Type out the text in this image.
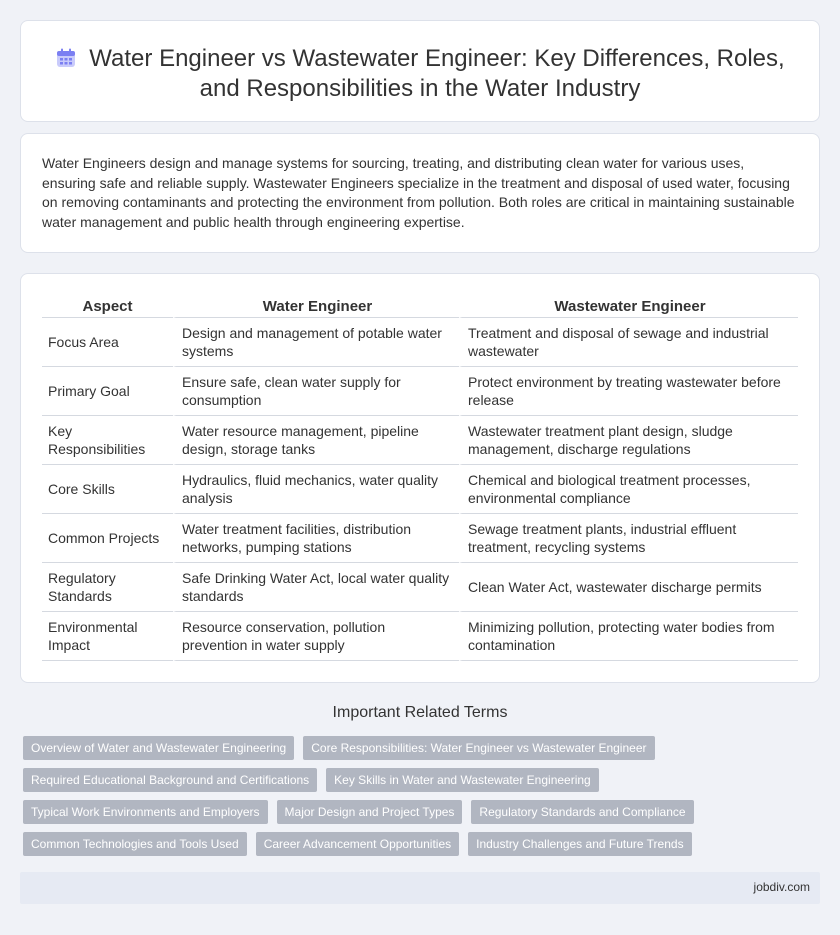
Water Engineer vs Wastewater Engineer: Key Differences, Roles, and Responsibilities in the Water Industry

Water Engineers design and manage systems for sourcing, treating, and distributing clean water for various uses, ensuring safe and reliable supply. Wastewater Engineers specialize in the treatment and disposal of used water, focusing on removing contaminants and protecting the environment from pollution. Both roles are critical in maintaining sustainable water management and public health through engineering expertise.

Aspect	Water Engineer	Wastewater Engineer
Focus Area	Design and management of potable water systems	Treatment and disposal of sewage and industrial wastewater
Primary Goal	Ensure safe, clean water supply for consumption	Protect environment by treating wastewater before release
Key Responsibilities	Water resource management, pipeline design, storage tanks	Wastewater treatment plant design, sludge management, discharge regulations
Core Skills	Hydraulics, fluid mechanics, water quality analysis	Chemical and biological treatment processes, environmental compliance
Common Projects	Water treatment facilities, distribution networks, pumping stations	Sewage treatment plants, industrial effluent treatment, recycling systems
Regulatory Standards	Safe Drinking Water Act, local water quality standards	Clean Water Act, wastewater discharge permits
Environmental Impact	Resource conservation, pollution prevention in water supply	Minimizing pollution, protecting water bodies from contamination
Important Related Terms
Overview of Water and Wastewater Engineering	Core Responsibilities: Water Engineer vs Wastewater Engineer
Required Educational Background and Certifications	Key Skills in Water and Wastewater Engineering
Typical Work Environments and Employers	Major Design and Project Types	Regulatory Standards and Compliance
Common Technologies and Tools Used	Career Advancement Opportunities	Industry Challenges and Future Trends
jobdiv.com
